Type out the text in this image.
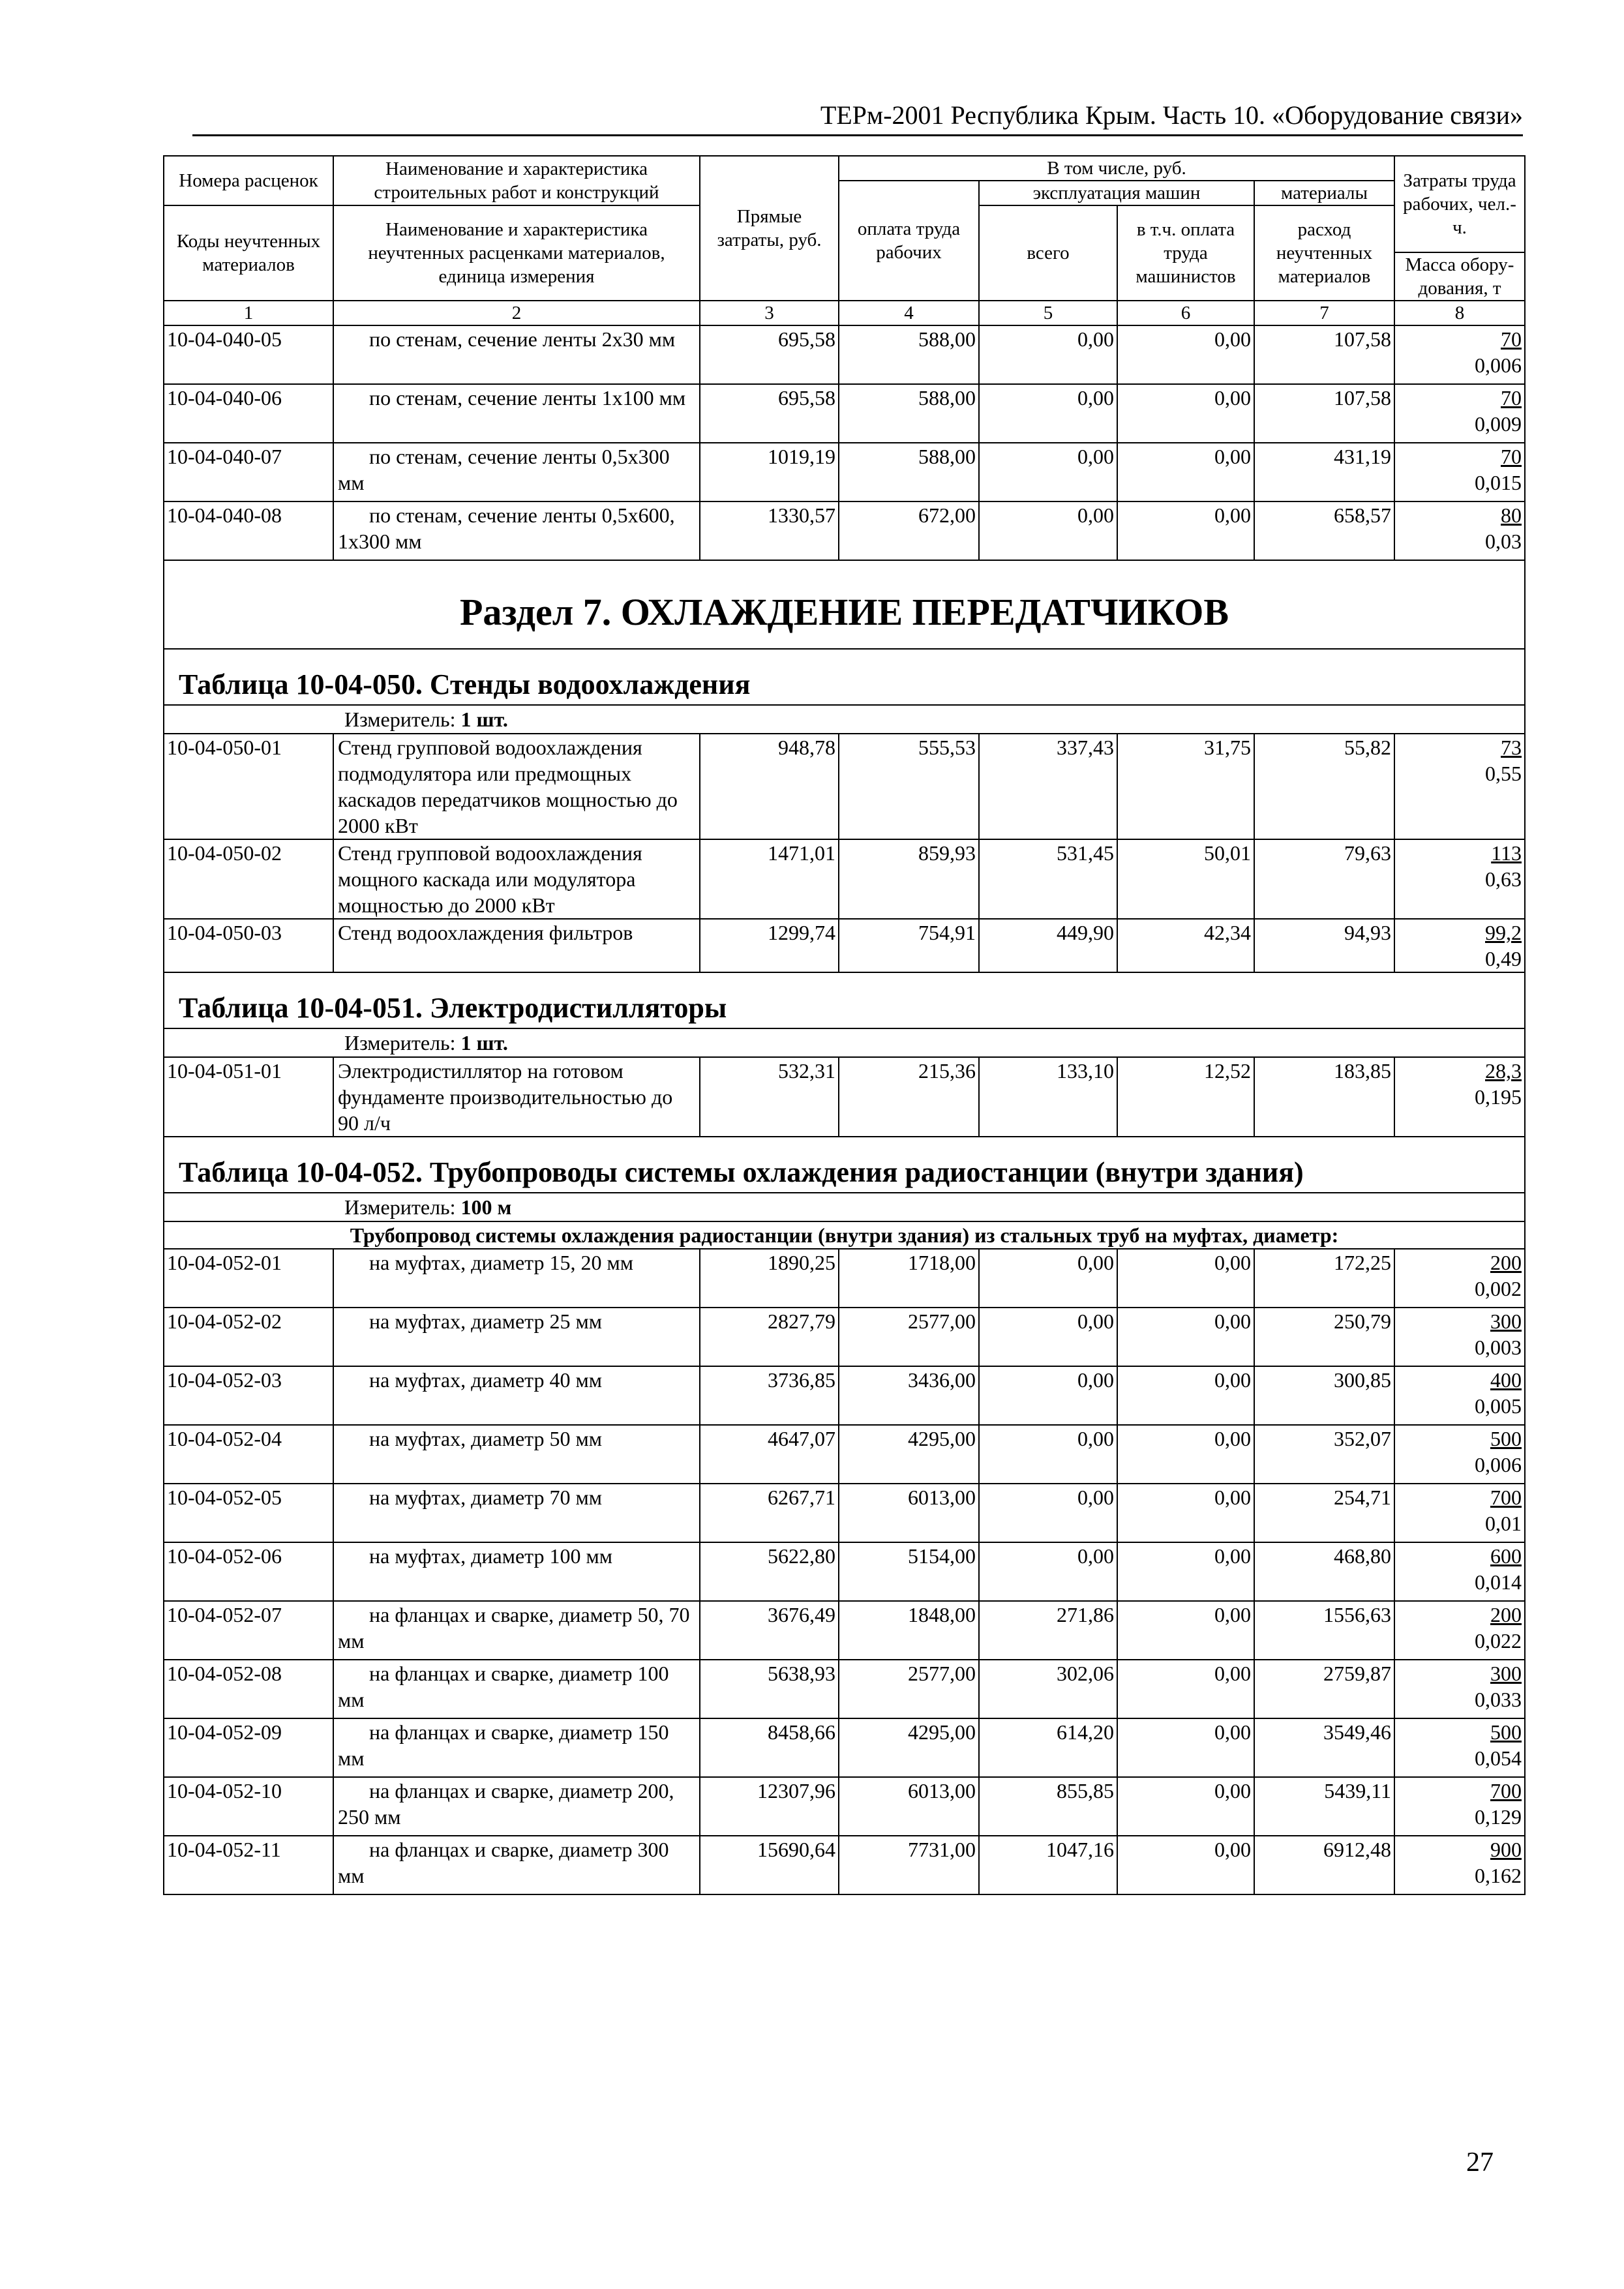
ТЕРм-2001 Республика Крым. Часть 10. «Оборудование связи»
Номера расценок	Наименование и характеристика строительных работ и конструкций	Прямые затраты, руб.	В том числе, руб.				Затраты труда рабочих, чел.-ч.
			оплата труда рабочих	эксплуатация машин		материалы	
Коды неучтенных материалов	Наименование и характеристика неучтенных расценками материалов, единица измерения			всего	в т.ч. оплата труда машинистов	расход неучтенных материалов	
							Масса обору-дования, т
1	2	3	4	5	6	7	8
10-04-040-05	по стенам, сечение ленты 2х30 мм	695,58	588,00	0,00	0,00	107,58	70
0,006
10-04-040-06	по стенам, сечение ленты 1х100 мм	695,58	588,00	0,00	0,00	107,58	70
0,009
10-04-040-07	по стенам, сечение ленты 0,5х300 мм	1019,19	588,00	0,00	0,00	431,19	70
0,015
10-04-040-08	по стенам, сечение ленты 0,5х600, 1х300 мм	1330,57	672,00	0,00	0,00	658,57	80
0,03
Раздел 7. ОХЛАЖДЕНИЕ ПЕРЕДАТЧИКОВ							
Таблица 10-04-050. Стенды водоохлаждения							
Измеритель: 1 шт.							
10-04-050-01	Стенд групповой водоохлаждения подмодулятора или предмощных каскадов передатчиков мощностью до 2000 кВт	948,78	555,53	337,43	31,75	55,82	73
0,55
10-04-050-02	Стенд групповой водоохлаждения мощного каскада или модулятора мощностью до 2000 кВт	1471,01	859,93	531,45	50,01	79,63	113
0,63
10-04-050-03	Стенд водоохлаждения фильтров	1299,74	754,91	449,90	42,34	94,93	99,2
0,49
Таблица 10-04-051. Электродистилляторы							
Измеритель: 1 шт.							
10-04-051-01	Электродистиллятор на готовом фундаменте производительностью до 90 л/ч	532,31	215,36	133,10	12,52	183,85	28,3
0,195
Таблица 10-04-052. Трубопроводы системы охлаждения радиостанции (внутри здания)							
Измеритель: 100 м							
Трубопровод системы охлаждения радиостанции (внутри здания) из стальных труб на муфтах, диаметр:							
10-04-052-01	на муфтах, диаметр 15, 20 мм	1890,25	1718,00	0,00	0,00	172,25	200
0,002
10-04-052-02	на муфтах, диаметр 25 мм	2827,79	2577,00	0,00	0,00	250,79	300
0,003
10-04-052-03	на муфтах, диаметр 40 мм	3736,85	3436,00	0,00	0,00	300,85	400
0,005
10-04-052-04	на муфтах, диаметр 50 мм	4647,07	4295,00	0,00	0,00	352,07	500
0,006
10-04-052-05	на муфтах, диаметр 70 мм	6267,71	6013,00	0,00	0,00	254,71	700
0,01
10-04-052-06	на муфтах, диаметр 100 мм	5622,80	5154,00	0,00	0,00	468,80	600
0,014
10-04-052-07	на фланцах и сварке, диаметр 50, 70 мм	3676,49	1848,00	271,86	0,00	1556,63	200
0,022
10-04-052-08	на фланцах и сварке, диаметр 100 мм	5638,93	2577,00	302,06	0,00	2759,87	300
0,033
10-04-052-09	на фланцах и сварке, диаметр 150 мм	8458,66	4295,00	614,20	0,00	3549,46	500
0,054
10-04-052-10	на фланцах и сварке, диаметр 200, 250 мм	12307,96	6013,00	855,85	0,00	5439,11	700
0,129
10-04-052-11	на фланцах и сварке, диаметр 300 мм	15690,64	7731,00	1047,16	0,00	6912,48	900
0,162
27
